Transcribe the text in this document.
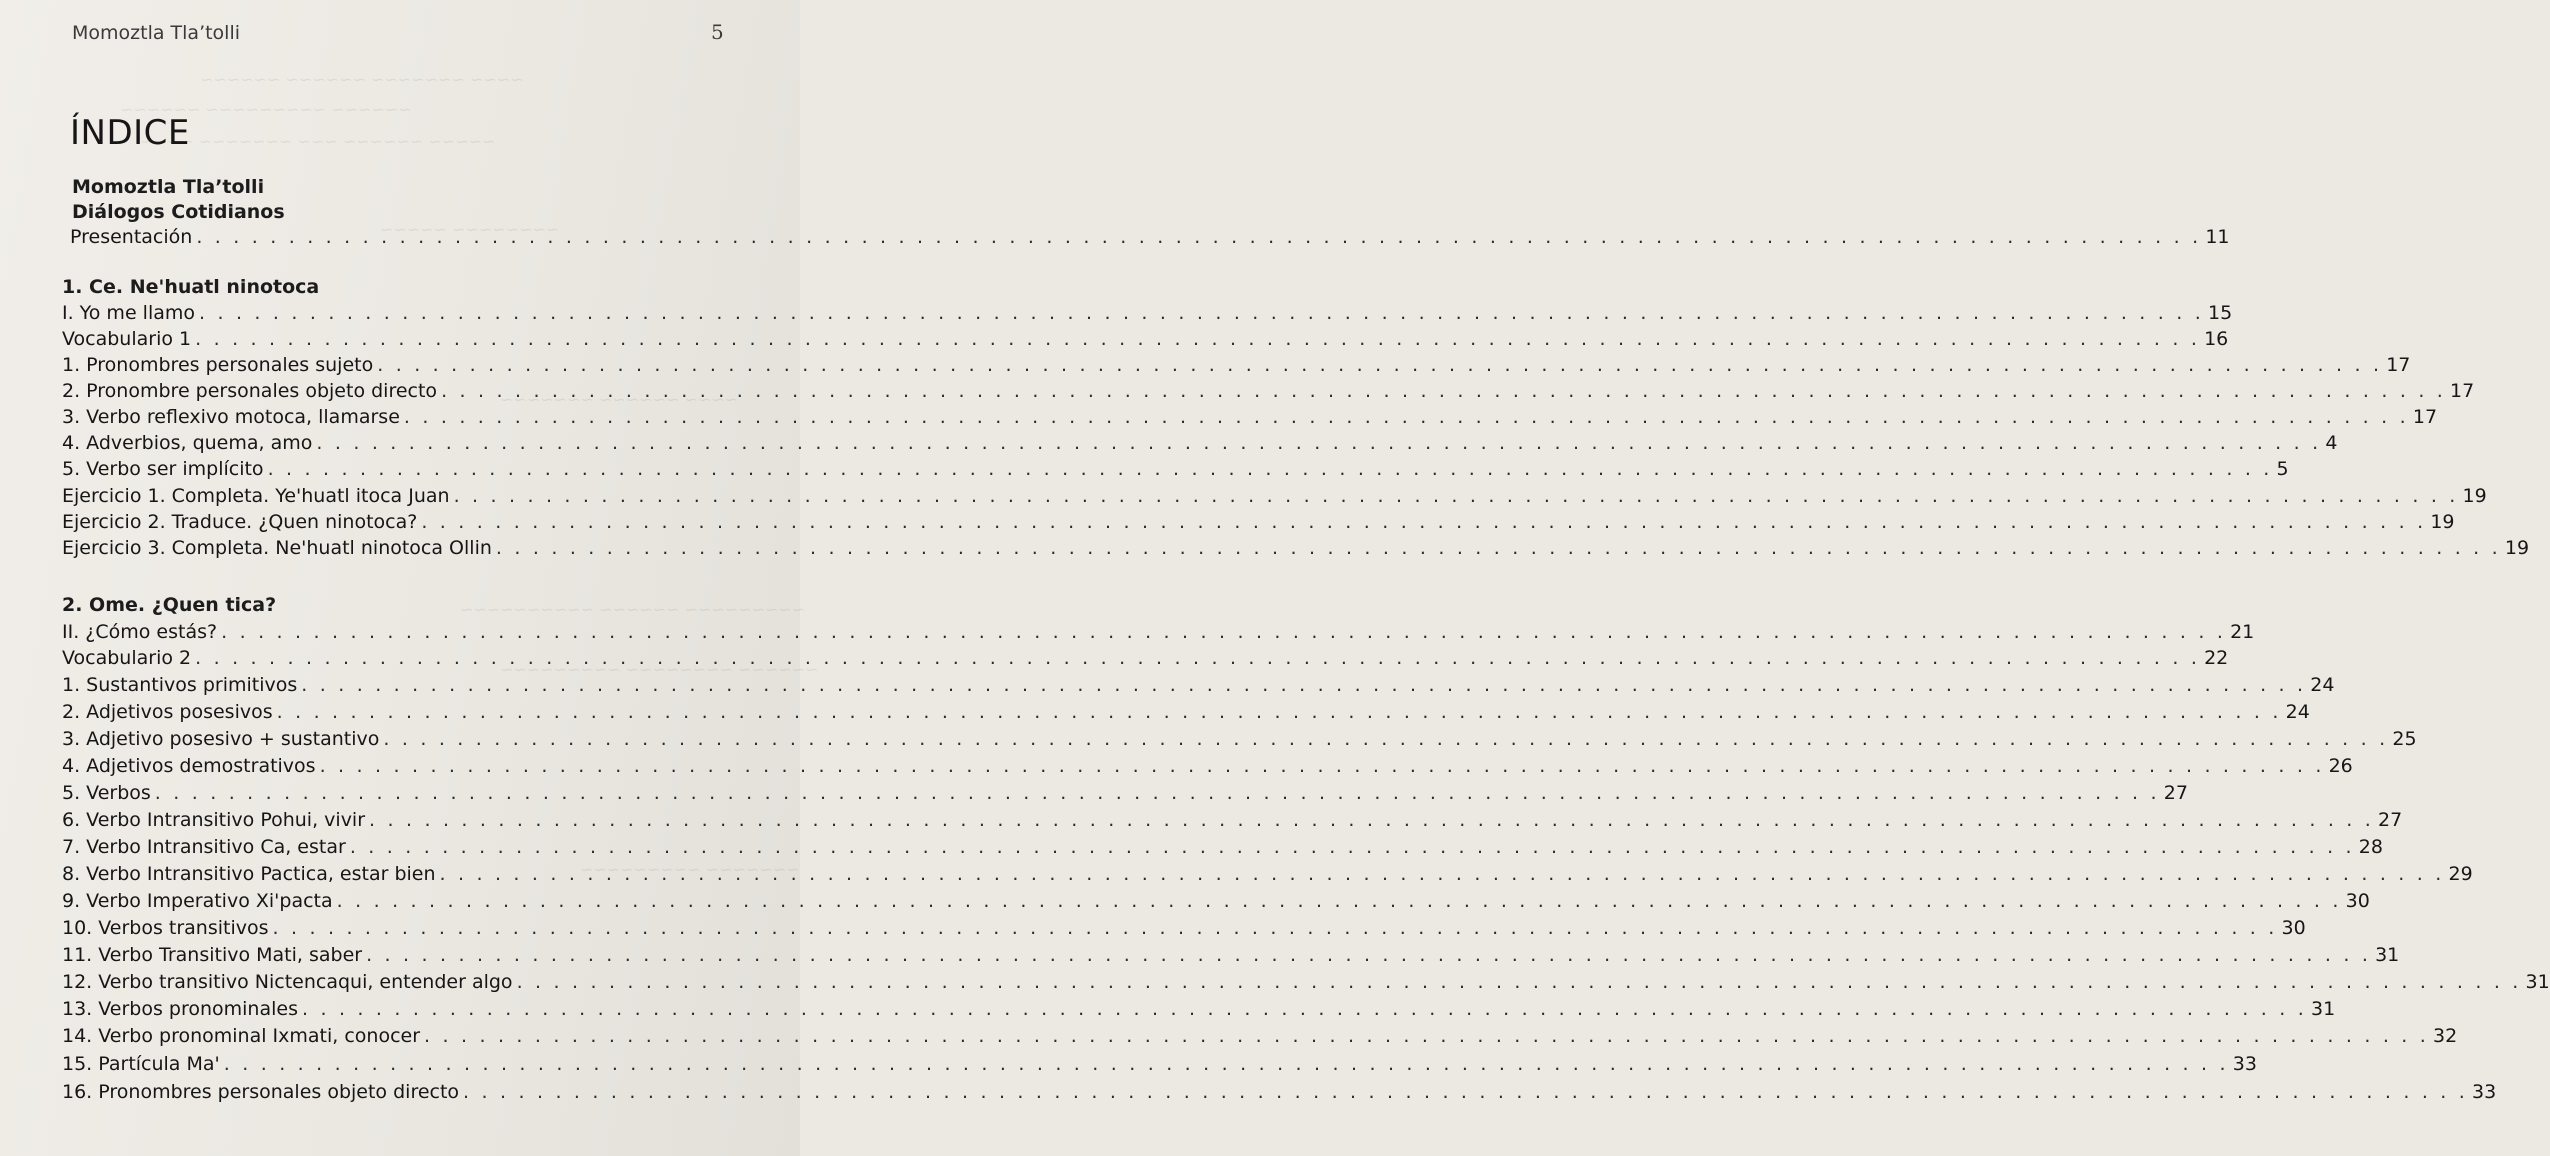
~~~~ ~~~~~~~ ~~~~~~ ~~~~~~
~~~~~~ ~~~~~~~~~ ~~~~~~
~~~~~ ~~~~~~ ~~~ ~~~~~~~ ~~~~
~~~~~~~~ ~~~~~
~~~~ ~~~~~~ ~~~~~~~
~~~~~~~~~ ~~~~~~ ~~~~~~~~~~
~~~~~~ ~~~~~~~~ ~~~~~~~~~
~~~~~~~ ~~~~~~~~~
Momoztla Tla’tolli	5
ÍNDICE
Momoztla Tla’tolli
Diálogos Cotidianos
Presentación . . .	11
1. Ce. Ne'huatl ninotoca
I. Yo me llamo . . .	15
Vocabulario 1 . . .	16
1. Pronombres personales sujeto . . .	17
2. Pronombre personales objeto directo . . .	17
3. Verbo reflexivo motoca, llamarse . . .	17
4. Adverbios, quema, amo . . .	4
5. Verbo ser implícito . . .	5
Ejercicio 1. Completa. Ye'huatl itoca Juan . . .	19
Ejercicio 2. Traduce. ¿Quen ninotoca? . . .	19
Ejercicio 3. Completa. Ne'huatl ninotoca Ollin . . .	19
2. Ome. ¿Quen tica?
II. ¿Cómo estás? . . .	21
Vocabulario 2 . . .	22
1. Sustantivos primitivos . . .	24
2. Adjetivos posesivos . . .	24
3. Adjetivo posesivo + sustantivo . . .	25
4. Adjetivos demostrativos . . .	26
5. Verbos . . .	27
6. Verbo Intransitivo Pohui, vivir . . .	27
7. Verbo Intransitivo Ca, estar . . .	28
8. Verbo Intransitivo Pactica, estar bien . . .	29
9. Verbo Imperativo Xi'pacta . . .	30
10. Verbos transitivos . . .	30
11. Verbo Transitivo Mati, saber . . .	31
12. Verbo transitivo Nictencaqui, entender algo . . .	31
13. Verbos pronominales . . .	31
14. Verbo pronominal Ixmati, conocer . . .	32
15. Partícula Ma' . . .	33
16. Pronombres personales objeto directo . . .	33
